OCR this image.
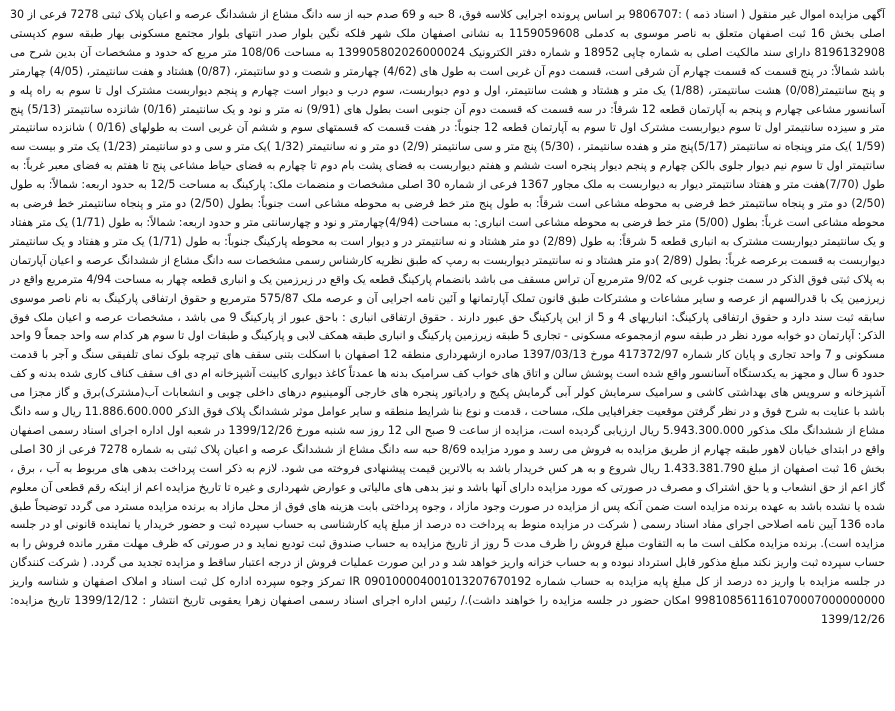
آگهی مزایده اموال غیر منقول ( اسناد ذمه ) :9806707 بر اساس پرونده اجرایی کلاسه فوق، 8 حبه و 69 صدم حبه از سه دانگ مشاع از ششدانگ عرصه و اعیان پلاک ثبتی 7278 فرعی از 30 اصلی بخش 16 ثبت اصفهان متعلق به ناصر موسوی به کدملی 1159059608 به نشانی اصفهان ملک شهر فلکه نگین بلوار صدر انتهای بلوار مجتمع مسکونی بهار طبقه سوم کدپستی 8196132908 دارای سند مالکیت اصلی به شماره چاپی 18952 و شماره دفتر الکترونیک 139905802026000024 به مساحت 108/06 متر مربع که حدود و مشخصات آن بدین شرح می باشد شمالاً: در پنج قسمت که قسمت چهارم آن شرقی است، قسمت دوم آن غربی است به طول های (4/62) چهارمتر و شصت و دو سانتیمتر، (0/87) هشتاد و هفت سانتیمتر، (4/05) چهارمتر و پنج سانتیمتر(0/08) هشت سانتیمتر، (1/88) یک متر و هشتاد و هشت سانتیمتر، اول و دوم دیواربست، سوم درب و دیوار است چهارم و پنجم دیواربست مشترک اول تا سوم به راه پله و آسانسور مشاعی چهارم و پنجم به آپارتمان قطعه 12 شرقاً: در سه قسمت که قسمت دوم آن جنوبی است بطول های (9/91) نه متر و نود و یک سانتیمتر (0/16) شانزده سانتیمتر (5/13) پنج متر و سیزده سانتیمتر اول تا سوم دیواربست مشترک اول تا سوم به آپارتمان قطعه 12 جنوباً: در هفت قسمت که قسمتهای سوم و ششم آن غربی است به طولهای (0/16 ) شانزده سانتیمتر (1/59 )یک متر وپنجاه نه سانتیمتر (5/17)پنج متر و هفده سانتیمتر ، (5/30) پنج متر و سی سانتیمتر (2/9) دو متر و نه سانتیمتر (1/32 )یک متر و سی و دو سانتیمتر (1/23) یک متر و بیست سه سانتیمتر اول تا سوم نیم دیوار جلوی بالکن چهارم و پنجم دیوار پنجره است ششم و هفتم دیواربست به فضای پشت بام دوم تا چهارم به فضای حیاط مشاعی پنج تا هفتم به فضای معبر غرباً: به طول (7/70)هفت متر و هفتاد سانتیمتر دیوار به دیواربست به ملک مجاور 1367 فرعی از شماره 30 اصلی مشخصات و منضمات ملک: پارکینگ به مساحت 12/5 به حدود اربعه: شمالاً: به طول (2/50) دو متر و پنجاه سانتیمتر خط فرضی به محوطه مشاعی است شرقاً: به طول پنج متر خط فرضی به محوطه مشاعی است جنوباً: بطول (2/50) دو متر و پنجاه سانتیمتر خط فرضی به محوطه مشاعی است غرباً: بطول (5/00) متر خط فرضی به محوطه مشاعی است انباری: به مساحت (4/94)چهارمتر و نود و چهارسانتی متر و حدود اربعه: شمالاً: به طول (1/71) یک متر هفتاد و یک سانتیمتر دیواربست مشترک به انباری قطعه 5 شرقاً: به طول (2/89) دو متر هشتاد و نه سانتیمتر در و دیوار است به محوطه پارکینگ جنوباً: به طول (1/71) یک متر و هفتاد و یک سانتیمتر دیواربست به قسمت برعرصه غرباً: بطول (2/89 )دو متر هشتاد و نه سانتیمتر دیواربست به رمپ که طبق نظریه کارشناس رسمی مشخصات سه دانگ مشاع از ششدانگ عرصه و اعیان آپارتمان به پلاک ثبتی فوق الذکر در سمت جنوب غربی که 9/02 مترمربع آن تراس مسقف می باشد بانضمام پارکینگ قطعه یک واقع در زیرزمین یک و انباری قطعه چهار به مساحت 4/94 مترمربع واقع در زیرزمین یک با قدرالسهم از عرصه و سایر مشاعات و مشترکات طبق قانون تملک آپارتمانها و آئین نامه اجرایی آن و عرصه ملک 575/87 مترمربع و حقوق ارتفاقی پارکینگ به نام ناصر موسوی سابقه ثبت سند دارد و حقوق ارتفاقی پارکینگ: انباریهای 4 و 5 از این پارکینگ حق عبور دارند . حقوق ارتفاقی انباری : باحق عبور از پارکینگ 9 می باشد ، مشخصات عرصه و اعیان ملک فوق الذکر: آپارتمان دو خوابه مورد نظر در طبقه سوم ازمجموعه مسکونی - تجاری 5 طبقه زیرزمین پارکینگ و انباری طبقه همکف لابی و پارکینگ و طبقات اول تا سوم هر کدام سه واحد جمعاً 9 واحد مسکونی و 7 واحد تجاری و پایان کار شماره 417372/97 مورخ 1397/03/13 صادره ازشهرداری منطقه 12 اصفهان با اسکلت بتنی سقف های تیرچه بلوک نمای تلفیقی سنگ و آجر با قدمت حدود 6 سال و مجهز به یکدستگاه آسانسور واقع شده است پوشش سالن و اتاق های خواب کف سرامیک بدنه ها عمدتاً کاغذ دیواری کابینت آشپزخانه ام دی اف سقف کناف کاری شده بدنه و کف آشپزخانه و سرویس های بهداشتی کاشی و سرامیک سرمایش کولر آبی گرمایش پکیج و رادیاتور پنجره های خارجی آلومینیوم درهای داخلی چوبی و انشعابات آب(مشترک)برق و گاز مجزا می باشد با عنایت به شرح فوق و در نظر گرفتن موقعیت جغرافیایی ملک، مساحت ، قدمت و نوع بنا شرایط منطقه و سایر عوامل موثر ششدانگ پلاک فوق الذکر 11.886.600.000 ریال و سه دانگ مشاع از ششدانگ ملک مذکور 5.943.300.000 ریال ارزیابی گردیده است، مزایده از ساعت 9 صبح الی 12 روز سه شنبه مورخ 1399/12/26 در شعبه اول اداره اجرای اسناد رسمی اصفهان واقع در ابتدای خیابان لاهور طبقه چهارم از طریق مزایده به فروش می رسد و مورد مزایده 8/69 حبه سه دانگ مشاع از ششدانگ عرصه و اعیان پلاک ثبتی به شماره 7278 فرعی از 30 اصلی بخش 16 ثبت اصفهان از مبلغ 1.433.381.790 ریال شروع و به هر کس خریدار باشد به بالاترین قیمت پیشنهادی فروخته می شود. لازم به ذکر است پرداخت بدهی های مربوط به آب ، برق ، گاز اعم از حق انشعاب و یا حق اشتراک و مصرف در صورتی که مورد مزایده دارای آنها باشد و نیز بدهی های مالیاتی و عوارض شهرداری و غیره تا تاریخ مزایده اعم از اینکه رقم قطعی آن معلوم شده یا نشده باشد به عهده برنده مزایده است ضمن آنکه پس از مزایده در صورت وجود مازاد ، وجوه پرداختی بابت هزینه های فوق از محل مازاد به برنده مزایده مسترد می گردد توضیحاً طبق ماده 136 آیین نامه اصلاحی اجرای مفاد اسناد رسمی ( شرکت در مزایده منوط به پرداخت ده درصد از مبلغ پایه کارشناسی به حساب سپرده ثبت و حضور خریدار یا نماینده قانونی او در جلسه مزایده است). برنده مزایده مکلف است ما به التفاوت مبلغ فروش را ظرف مدت 5 روز از تاریخ مزایده به حساب صندوق ثبت تودیع نماید و در صورتی که ظرف مهلت مقرر مانده فروش را به حساب سپرده ثبت واریز نکند مبلغ مذکور قابل استرداد نبوده و به حساب خزانه واریز خواهد شد و در این صورت عملیات فروش از درجه اعتبار ساقط و مزایده تجدید می گردد. ( شرکت کنندگان در جلسه مزایده با واریز ده درصد از کل مبلغ پایه مزایده به حساب شماره IR 090100004001013207670192 تمرکز وجوه سپرده اداره کل ثبت اسناد و املاک اصفهان و شناسه واریز 998108561161070007000000000 امکان حضور در جلسه مزایده را خواهند داشت)./ رئیس اداره اجرای اسناد رسمی اصفهان زهرا یعقوبی تاریخ انتشار : 1399/12/12 تاریخ مزایده: 1399/12/26
